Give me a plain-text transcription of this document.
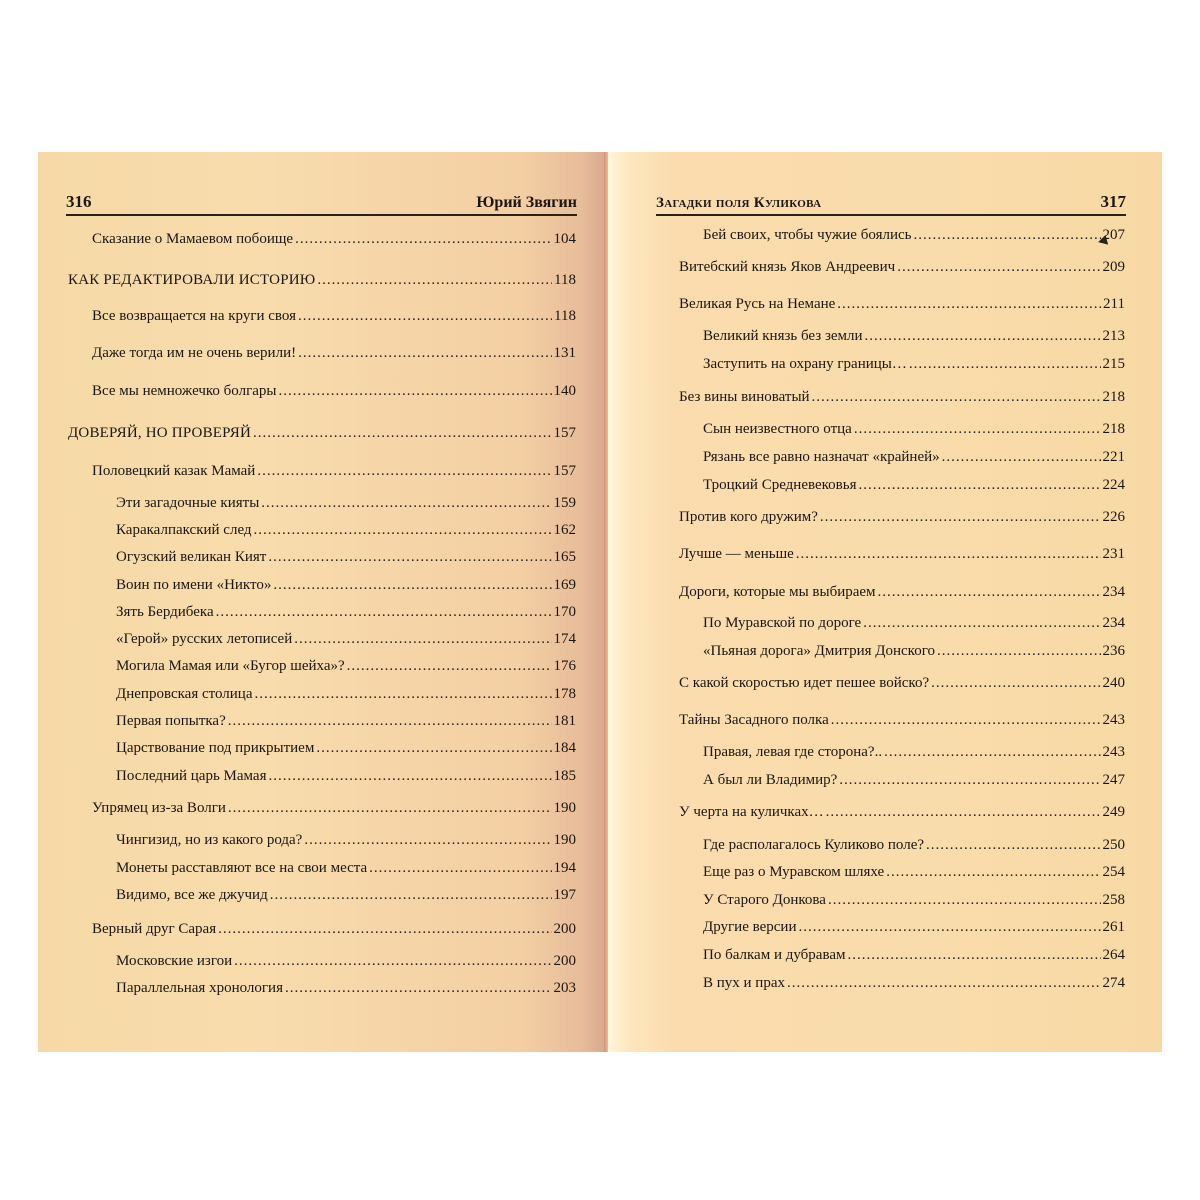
316	Юрий Звягин
Сказание о Мамаевом побоище .....	104
КАК РЕДАКТИРОВАЛИ ИСТОРИЮ .....	118
Все возвращается на круги своя .....	118
Даже тогда им не очень верили! .....	131
Все мы немножечко болгары .....	140
ДОВЕРЯЙ, НО ПРОВЕРЯЙ .....	157
Половецкий казак Мамай .....	157
Эти загадочные кияты .....	159
Каракалпакский след .....	162
Огузский великан Кият .....	165
Воин по имени «Никто» .....	169
Зять Бердибека .....	170
«Герой» русских летописей .....	174
Могила Мамая или «Бугор шейха»? .....	176
Днепровская столица .....	178
Первая попытка? .....	181
Царствование под прикрытием .....	184
Последний царь Мамая .....	185
Упрямец из-за Волги .....	190
Чингизид, но из какого рода? .....	190
Монеты расставляют все на свои места .....	194
Видимо, все же джучид .....	197
Верный друг Сарая .....	200
Московские изгои .....	200
Параллельная хронология .....	203
Загадки поля Куликова	317
Бей своих, чтобы чужие боялись .....	207
Витебский князь Яков Андреевич .....	209
Великая Русь на Немане .....	211
Великий князь без земли .....	213
Заступить на охрану границы… .....	215
Без вины виноватый .....	218
Сын неизвестного отца .....	218
Рязань все равно назначат «крайней» .....	221
Троцкий Средневековья .....	224
Против кого дружим? .....	226
Лучше — меньше .....	231
Дороги, которые мы выбираем .....	234
По Муравской по дороге .....	234
«Пьяная дорога» Дмитрия Донского .....	236
С какой скоростью идет пешее войско? .....	240
Тайны Засадного полка .....	243
Правая, левая где сторона?.. .....	243
А был ли Владимир? .....	247
У черта на куличках… .....	249
Где располагалось Куликово поле? .....	250
Еще раз о Муравском шляхе .....	254
У Старого Донкова .....	258
Другие версии .....	261
По балкам и дубравам .....	264
В пух и прах .....	274
